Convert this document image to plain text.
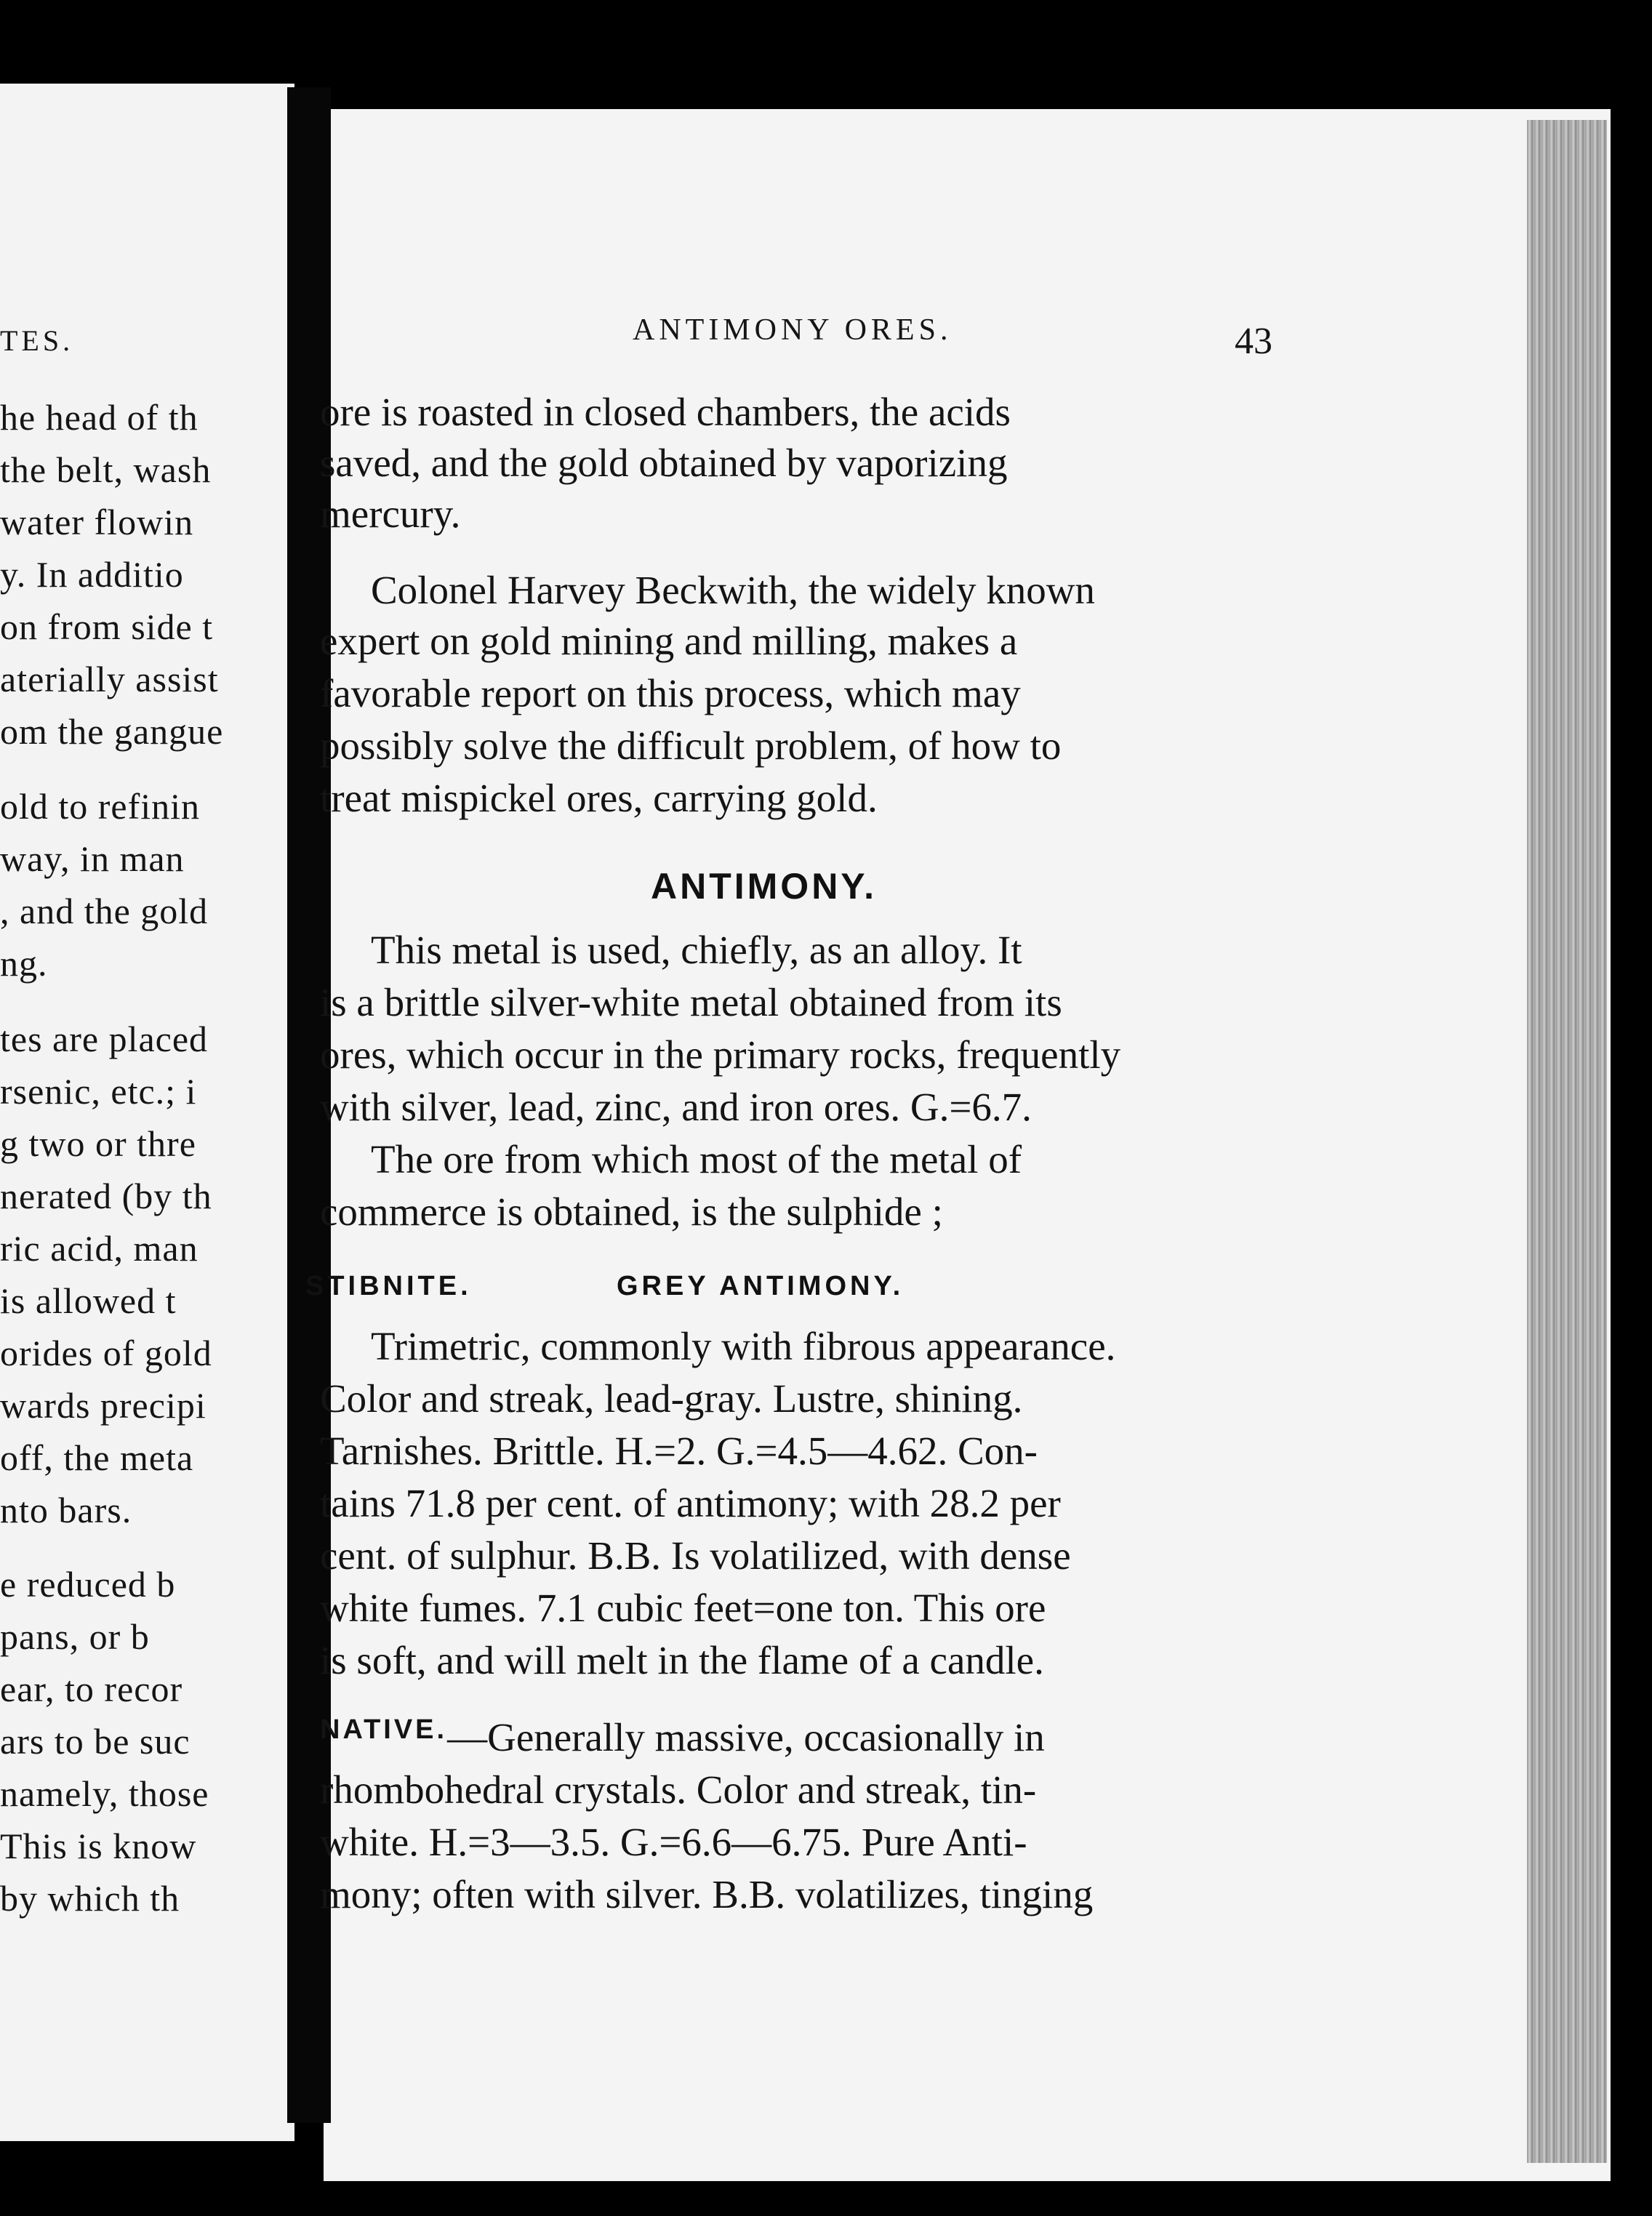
TES.
he head of th
the belt, wash
water flowin
y. In additio
on from side t
aterially assist
om the gangue
old to refinin
way, in man
, and the gold
ng.
tes are placed
rsenic, etc.; i
g two or thre
nerated (by th
ric acid, man
is allowed t
orides of gold
wards precipi
off, the meta
nto bars.
e reduced b
pans, or b
ear, to recor
ars to be suc
namely, those
This is know
by which th
ANTIMONY ORES.	43
ore is roasted in closed chambers, the acids
saved, and the gold obtained by vaporizing
mercury.
Colonel Harvey Beckwith, the widely known
expert on gold mining and milling, makes a
favorable report on this process, which may
possibly solve the difficult problem, of how to
treat mispickel ores, carrying gold.
ANTIMONY.
This metal is used, chiefly, as an alloy. It
is a brittle silver-white metal obtained from its
ores, which occur in the primary rocks, frequently
with silver, lead, zinc, and iron ores. G.=6.7.
The ore from which most of the metal of
commerce is obtained, is the sulphide ;
STIBNITE.	GREY ANTIMONY.
Trimetric, commonly with fibrous appearance.
Color and streak, lead-gray. Lustre, shining.
Tarnishes. Brittle. H.=2. G.=4.5—4.62. Con-
tains 71.8 per cent. of antimony; with 28.2 per
cent. of sulphur. B.B. Is volatilized, with dense
white fumes. 7.1 cubic feet=one ton. This ore
is soft, and will melt in the flame of a candle.
NATIVE. —Generally massive, occasionally in
rhombohedral crystals. Color and streak, tin-
white. H.=3—3.5. G.=6.6—6.75. Pure Anti-
mony; often with silver. B.B. volatilizes, tinging
